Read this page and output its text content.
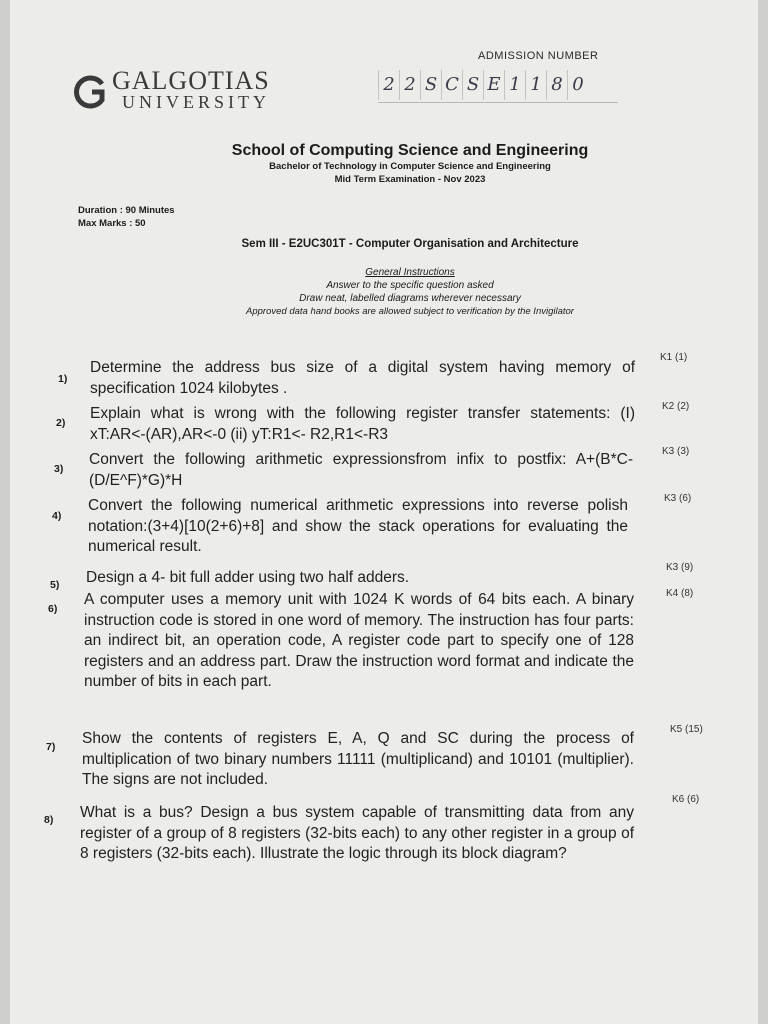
GALGOTIAS
UNIVERSITY
ADMISSION NUMBER
2 2 S C S E 1 1 8 0
School of Computing Science and Engineering
Bachelor of Technology in Computer Science and Engineering
Mid Term Examination - Nov 2023
Duration : 90 Minutes
Max Marks : 50
Sem III - E2UC301T - Computer Organisation and Architecture
General Instructions
Answer to the specific question asked
Draw neat, labelled diagrams wherever necessary
Approved data hand books are allowed subject to verification by the Invigilator
1)
Determine the address bus size of a digital system having memory of specification 1024 kilobytes .
K1 (1)
2)
Explain what is wrong with the following register transfer statements: (I) xT:AR<-(AR),AR<-0 (ii) yT:R1<- R2,R1<-R3
K2 (2)
3)
Convert the following arithmetic expressionsfrom infix to postfix: A+(B*C-(D/E^F)*G)*H
K3 (3)
4)
Convert the following numerical arithmetic expressions into reverse polish notation:(3+4)[10(2+6)+8] and show the stack operations for evaluating the numerical result.
K3 (6)
5)	Design a 4- bit full adder using two half adders.
K3 (9)
6)
A computer uses a memory unit with 1024 K words of 64 bits each. A binary instruction code is stored in one word of memory. The instruction has four parts: an indirect bit, an operation code, A register code part to specify one of 128 registers and an address part. Draw the instruction word format and indicate the number of bits in each part.
K4 (8)
7)	Show the contents of registers E, A, Q and SC during the process of multiplication of two binary numbers 11111 (multiplicand) and 10101 (multiplier). The signs are not included.
K5 (15)
8)	What is a bus? Design a bus system capable of transmitting data from any register of a group of 8 registers (32-bits each) to any other register in a group of 8 registers (32-bits each). Illustrate the logic through its block diagram?
K6 (6)
